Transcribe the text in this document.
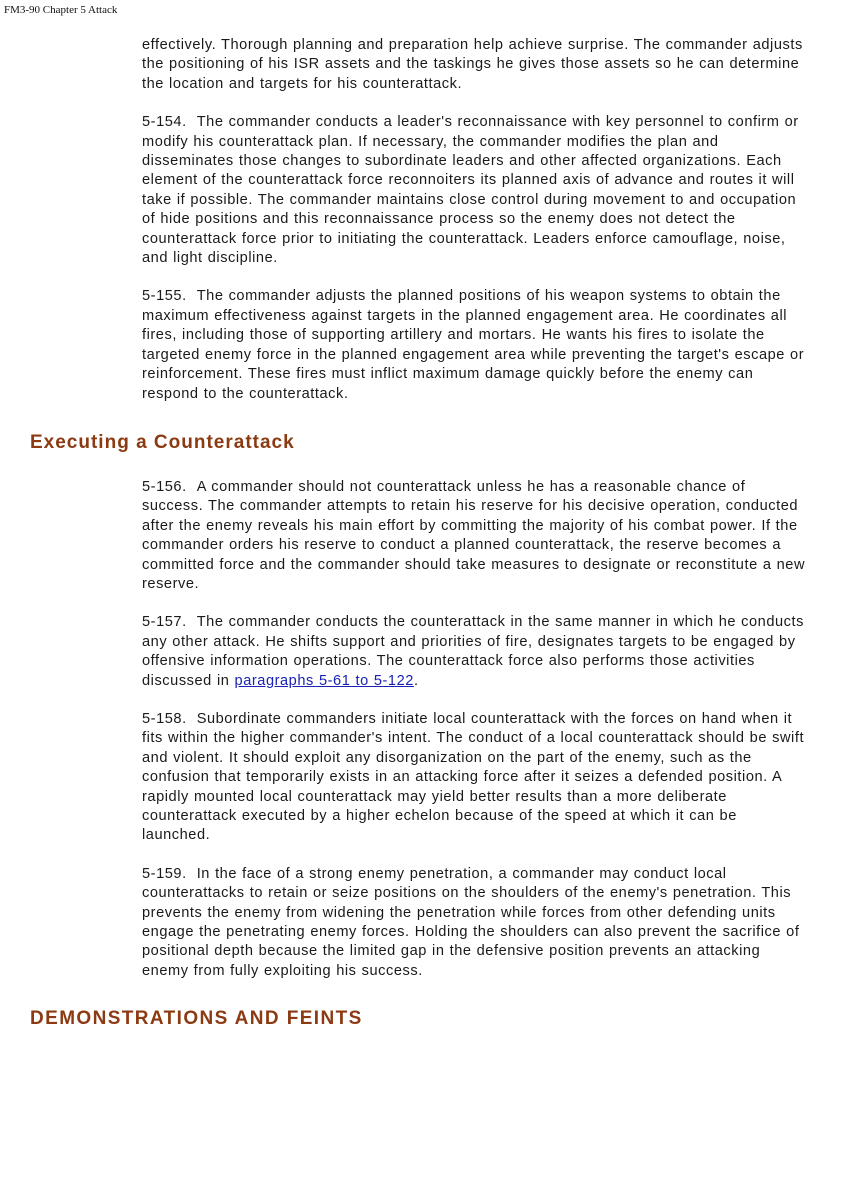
FM3-90 Chapter 5 Attack

effectively. Thorough planning and preparation help achieve surprise. The commander adjusts the positioning of his ISR assets and the taskings he gives those assets so he can determine the location and targets for his counterattack.

5-154. The commander conducts a leader's reconnaissance with key personnel to confirm or modify his counterattack plan. If necessary, the commander modifies the plan and disseminates those changes to subordinate leaders and other affected organizations. Each element of the counterattack force reconnoiters its planned axis of advance and routes it will take if possible. The commander maintains close control during movement to and occupation of hide positions and this reconnaissance process so the enemy does not detect the counterattack force prior to initiating the counterattack. Leaders enforce camouflage, noise, and light discipline.

5-155. The commander adjusts the planned positions of his weapon systems to obtain the maximum effectiveness against targets in the planned engagement area. He coordinates all fires, including those of supporting artillery and mortars. He wants his fires to isolate the targeted enemy force in the planned engagement area while preventing the target's escape or reinforcement. These fires must inflict maximum damage quickly before the enemy can respond to the counterattack.

Executing a Counterattack

5-156. A commander should not counterattack unless he has a reasonable chance of success. The commander attempts to retain his reserve for his decisive operation, conducted after the enemy reveals his main effort by committing the majority of his combat power. If the commander orders his reserve to conduct a planned counterattack, the reserve becomes a committed force and the commander should take measures to designate or reconstitute a new reserve.

5-157. The commander conducts the counterattack in the same manner in which he conducts any other attack. He shifts support and priorities of fire, designates targets to be engaged by offensive information operations. The counterattack force also performs those activities discussed in paragraphs 5-61 to 5-122.

5-158. Subordinate commanders initiate local counterattack with the forces on hand when it fits within the higher commander's intent. The conduct of a local counterattack should be swift and violent. It should exploit any disorganization on the part of the enemy, such as the confusion that temporarily exists in an attacking force after it seizes a defended position. A rapidly mounted local counterattack may yield better results than a more deliberate counterattack executed by a higher echelon because of the speed at which it can be launched.

5-159. In the face of a strong enemy penetration, a commander may conduct local counterattacks to retain or seize positions on the shoulders of the enemy's penetration. This prevents the enemy from widening the penetration while forces from other defending units engage the penetrating enemy forces. Holding the shoulders can also prevent the sacrifice of positional depth because the limited gap in the defensive position prevents an attacking enemy from fully exploiting his success.

DEMONSTRATIONS AND FEINTS
